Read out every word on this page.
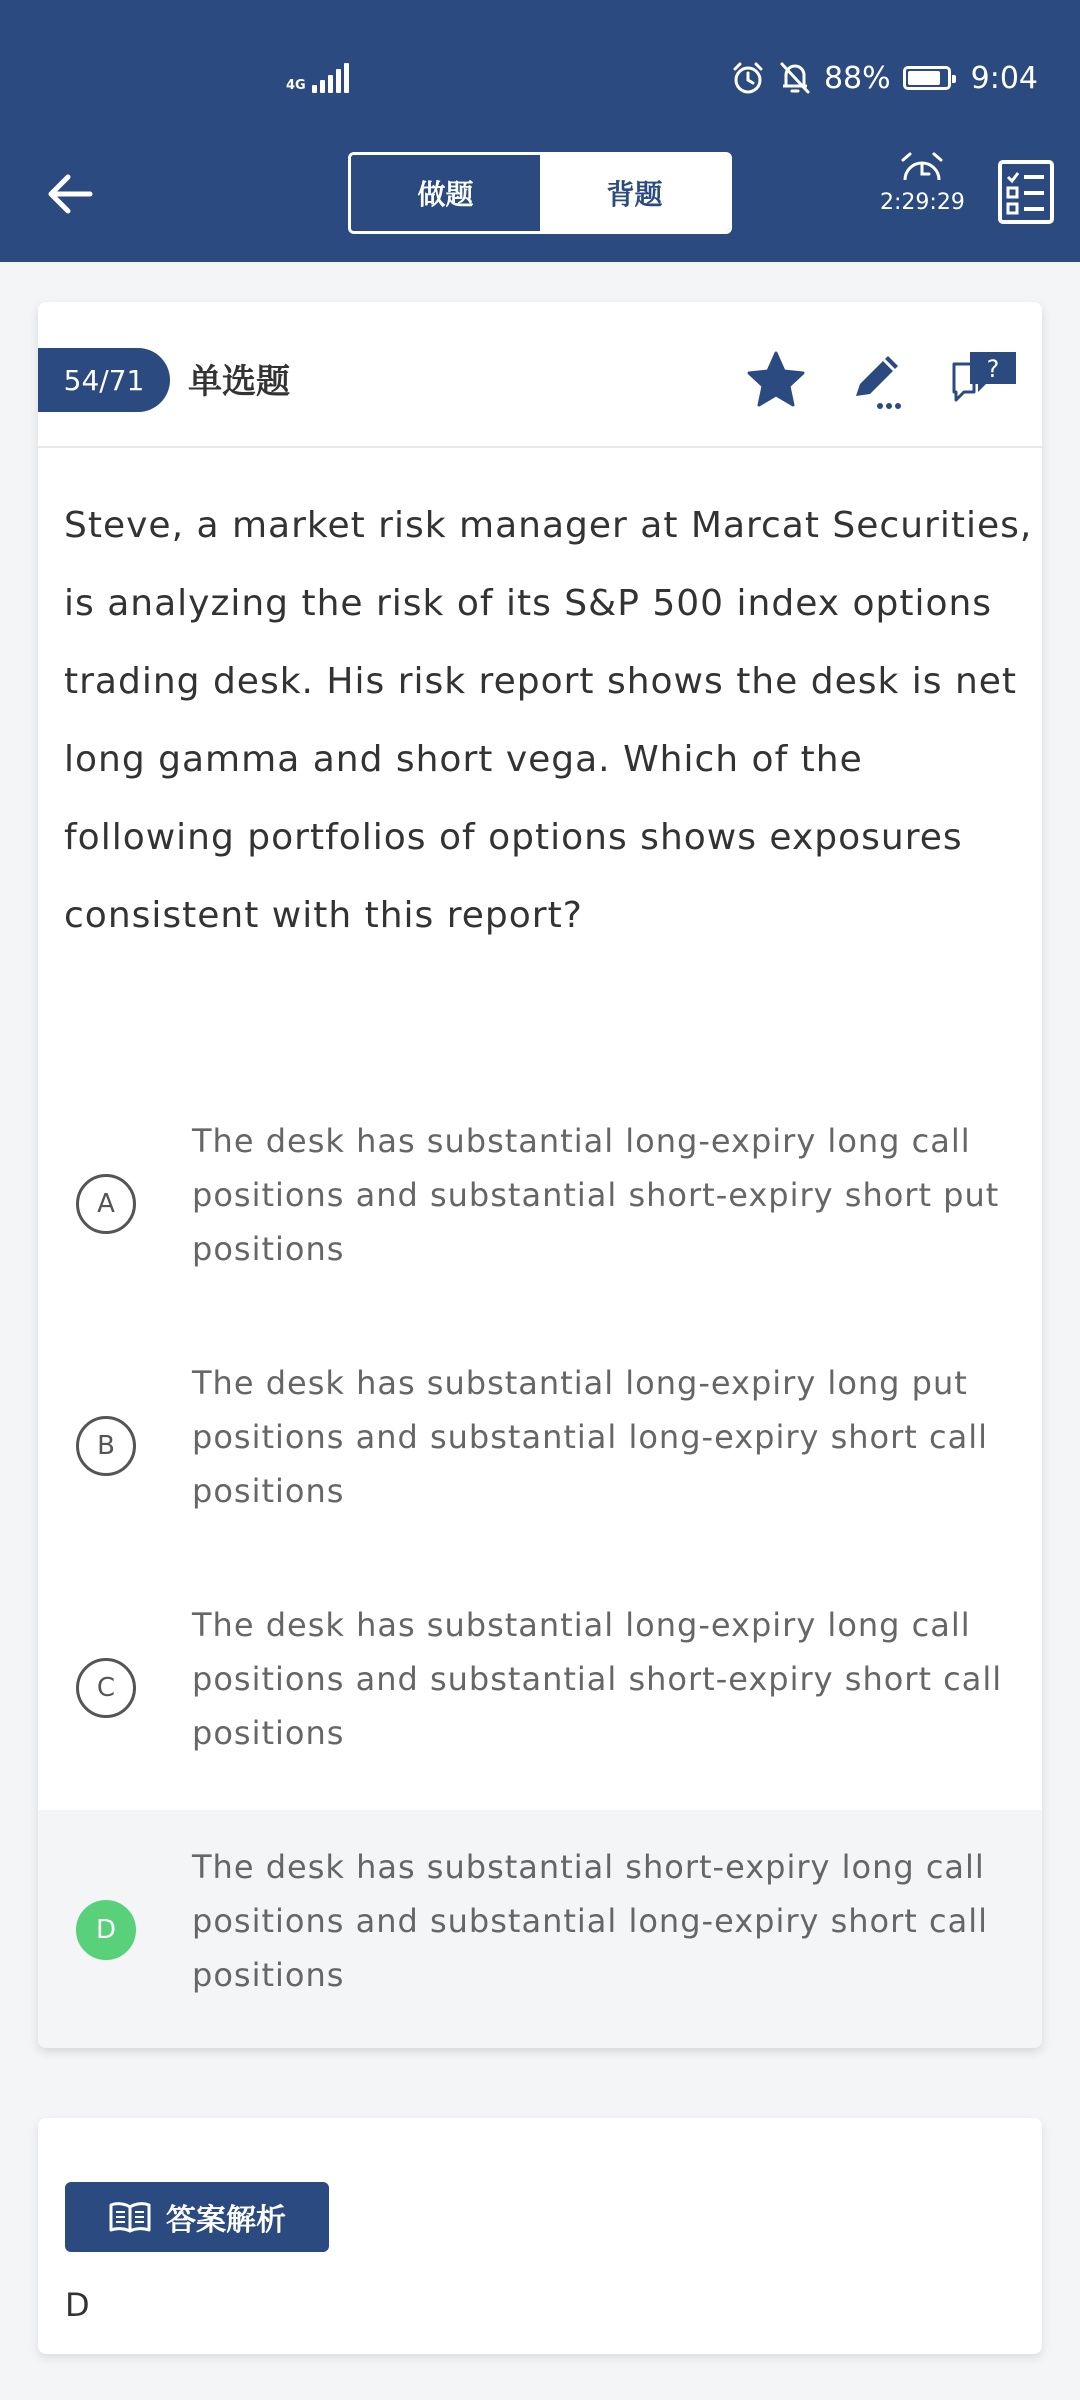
4G	88%	9:04
做题	背题	2:29:29
54/71	单选题	?
Steve, a market risk manager at Marcat Securities, is analyzing the risk of its S&P 500 index options trading desk. His risk report shows the desk is net long gamma and short vega. Which of the following portfolios of options shows exposures consistent with this report?
A
The desk has substantial long-expiry long call positions and substantial short-expiry short put positions
B
The desk has substantial long-expiry long put positions and substantial long-expiry short call positions
C
The desk has substantial long-expiry long call positions and substantial short-expiry short call positions
D
The desk has substantial short-expiry long call positions and substantial long-expiry short call positions
答案解析
D
